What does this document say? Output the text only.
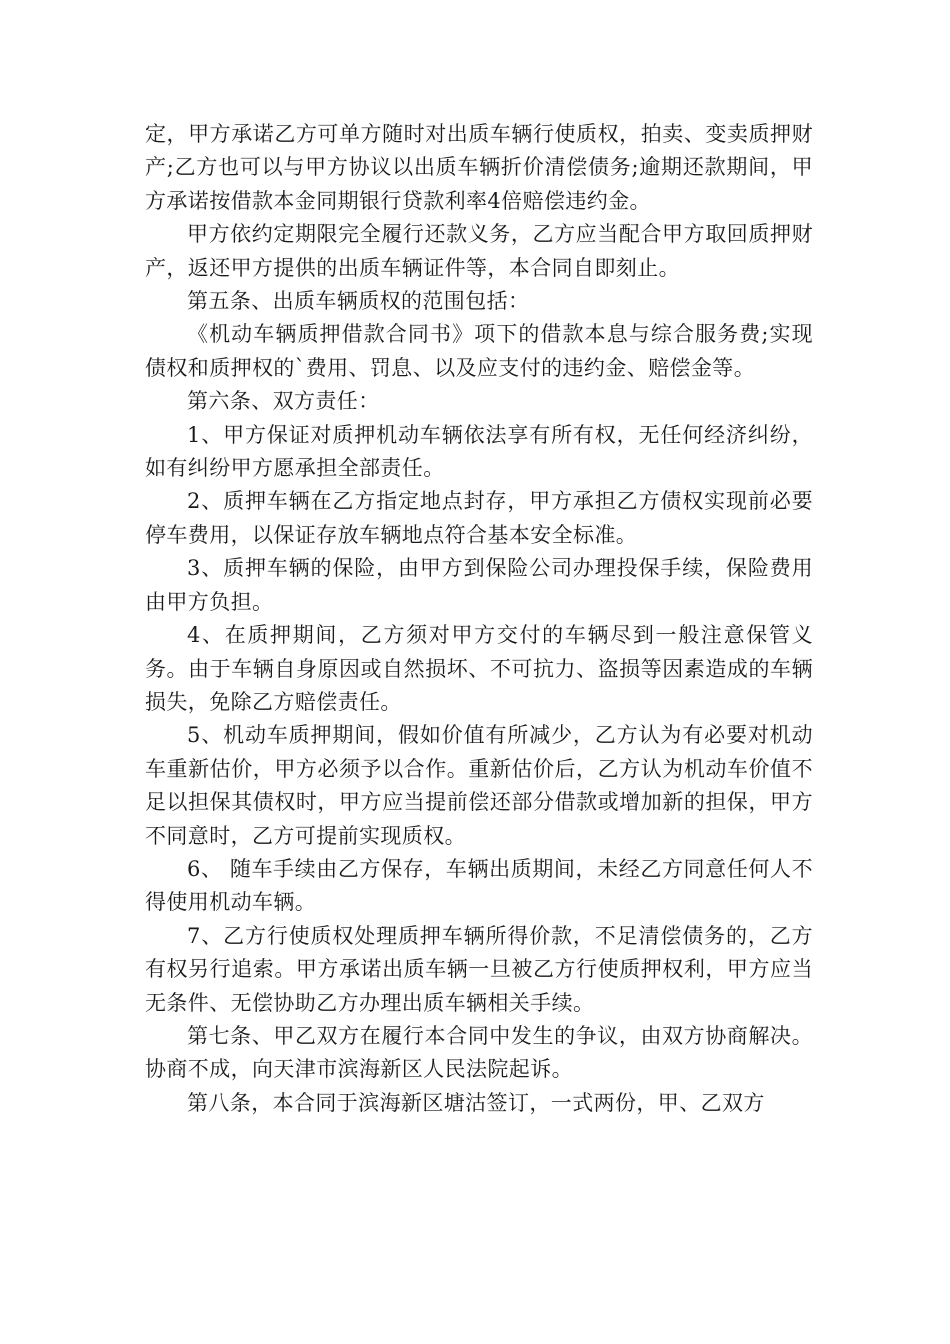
定，甲方承诺乙方可单方随时对出质车辆行使质权，拍卖、变卖质押财产;乙方也可以与甲方协议以出质车辆折价清偿债务;逾期还款期间，甲方承诺按借款本金同期银行贷款利率4倍赔偿违约金。

甲方依约定期限完全履行还款义务，乙方应当配合甲方取回质押财产，返还甲方提供的出质车辆证件等，本合同自即刻止。

第五条、出质车辆质权的范围包括：

《机动车辆质押借款合同书》项下的借款本息与综合服务费;实现债权和质押权的`费用、罚息、以及应支付的违约金、赔偿金等。

第六条、双方责任：

1、甲方保证对质押机动车辆依法享有所有权，无任何经济纠纷，如有纠纷甲方愿承担全部责任。

2、质押车辆在乙方指定地点封存，甲方承担乙方债权实现前必要停车费用，以保证存放车辆地点符合基本安全标准。

3、质押车辆的保险，由甲方到保险公司办理投保手续，保险费用由甲方负担。

4、在质押期间，乙方须对甲方交付的车辆尽到一般注意保管义务。由于车辆自身原因或自然损坏、不可抗力、盗损等因素造成的车辆损失，免除乙方赔偿责任。

5、机动车质押期间，假如价值有所减少，乙方认为有必要对机动车重新估价，甲方必须予以合作。重新估价后，乙方认为机动车价值不足以担保其债权时，甲方应当提前偿还部分借款或增加新的担保，甲方不同意时，乙方可提前实现质权。

6、 随车手续由乙方保存，车辆出质期间，未经乙方同意任何人不得使用机动车辆。

7、乙方行使质权处理质押车辆所得价款，不足清偿债务的，乙方有权另行追索。甲方承诺出质车辆一旦被乙方行使质押权利，甲方应当无条件、无偿协助乙方办理出质车辆相关手续。

第七条、甲乙双方在履行本合同中发生的争议，由双方协商解决。协商不成，向天津市滨海新区人民法院起诉。

第八条，本合同于滨海新区塘沽签订，一式两份，甲、乙双方
